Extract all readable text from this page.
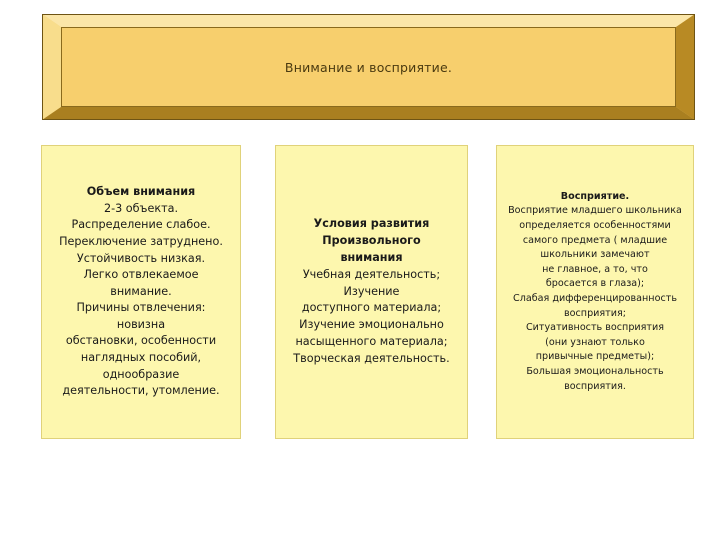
Внимание и восприятие.
Объем внимания
2-3 объекта.
Распределение слабое.
Переключение затруднено.
Устойчивость низкая.
Легко отвлекаемое
внимание.
Причины отвлечения:
новизна
обстановки, особенности
наглядных пособий,
однообразие
деятельности, утомление.
Условия развития
Произвольного
внимания
Учебная деятельность;
Изучение
доступного материала;
Изучение эмоционально
насыщенного материала;
Творческая деятельность.
Восприятие.
Восприятие младшего школьника
определяется особенностями
самого предмета ( младшие
школьники замечают
не главное, а то, что
бросается в глаза);
Слабая дифференцированность
восприятия;
Ситуативность восприятия
(они узнают только
привычные предметы);
Большая эмоциональность
восприятия.
